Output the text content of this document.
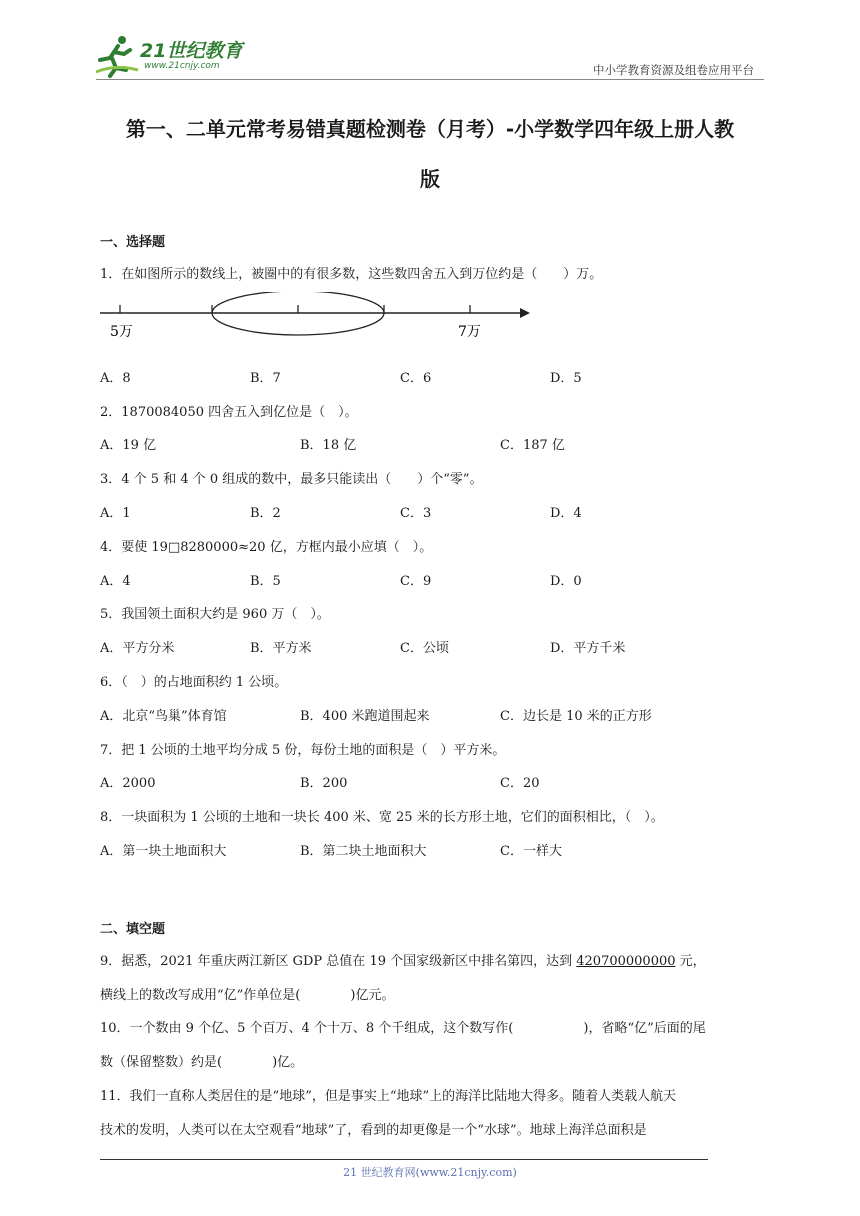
21世纪教育
www.21cnjy.com	中小学教育资源及组卷应用平台
第一、二单元常考易错真题检测卷（月考）-小学数学四年级上册人教
版
一、选择题
1．在如图所示的数线上，被圈中的有很多数，这些数四舍五入到万位约是（　　）万。
5万	7万
A．8	B．7	C．6	D．5
2．1870084050 四舍五入到亿位是（　）。
A．19 亿	B．18 亿	C．187 亿
3．4 个 5 和 4 个 0 组成的数中，最多只能读出（　　）个“零”。
A．1	B．2	C．3	D．4
4．要使 19□8280000≈20 亿，方框内最小应填（　）。
A．4	B．5	C．9	D．0
5．我国领土面积大约是 960 万（　）。
A．平方分米	B．平方米	C．公顷	D．平方千米
6．（　）的占地面积约 1 公顷。
A．北京“鸟巢”体育馆	B．400 米跑道围起来	C．边长是 10 米的正方形
7．把 1 公顷的土地平均分成 5 份，每份土地的面积是（　）平方米。
A．2000	B．200	C．20
8．一块面积为 1 公顷的土地和一块长 400 米、宽 25 米的长方形土地，它们的面积相比，（　）。
A．第一块土地面积大	B．第二块土地面积大	C．一样大
二、填空题
9．据悉，2021 年重庆两江新区 GDP 总值在 19 个国家级新区中排名第四，达到 420700000000 元，
横线上的数改写成用“亿”作单位是(	)亿元。
10．一个数由 9 个亿、5 个百万、4 个十万、8 个千组成，这个数写作(	)，省略“亿”后面的尾
数（保留整数）约是(	)亿。
11．我们一直称人类居住的是“地球”，但是事实上“地球”上的海洋比陆地大得多。随着人类载人航天
技术的发明，人类可以在太空观看“地球”了，看到的却更像是一个“水球”。地球上海洋总面积是
21 世纪教育网(www.21cnjy.com)
